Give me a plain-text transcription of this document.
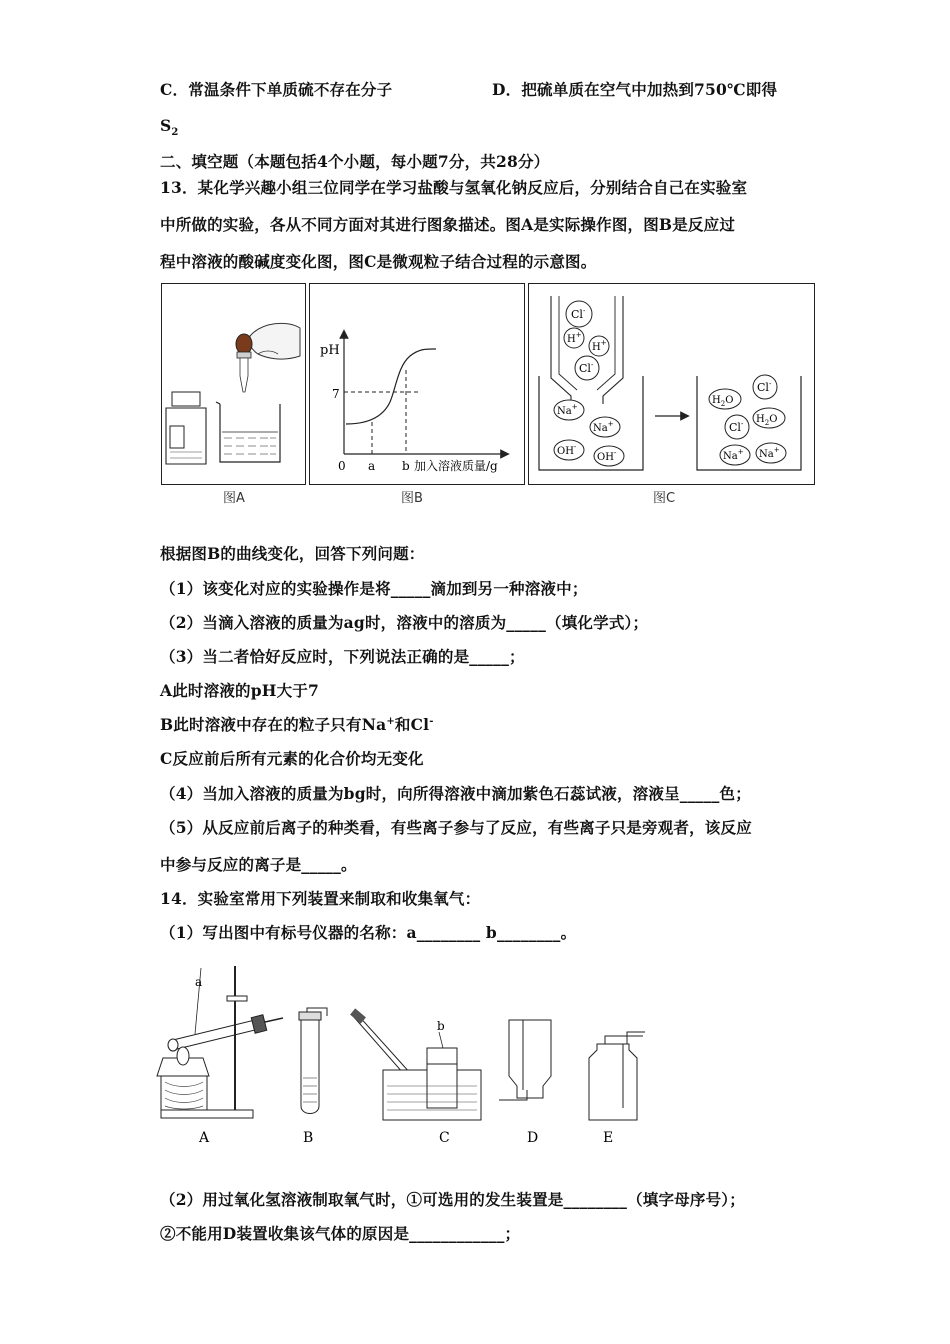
C．常温条件下单质硫不存在分子	D．把硫单质在空气中加热到750℃即得
$S_2$
二、填空题（本题包括4个小题，每小题7分，共28分）
13．某化学兴趣小组三位同学在学习盐酸与氢氧化钠反应后，分别结合自己在实验室
中所做的实验，各从不同方面对其进行图象描述。图A是实际操作图，图B是反应过
程中溶液的酸碱度变化图，图C是微观粒子结合过程的示意图。
图A
pH
7
0 a b 加入溶液质量/g
图B
Cl-
H+
H+
Cl-
Na+
Na+
OH-
OH-
$H_2O$
Cl-
$H_2O$
Cl-
Na+ Na+
图C
根据图B的曲线变化，回答下列问题：
（1）该变化对应的实验操作是将_____滴加到另一种溶液中；
（2）当滴入溶液的质量为ag时，溶液中的溶质为_____（填化学式）；
（3）当二者恰好反应时，下列说法正确的是_____；
A此时溶液的pH大于7
B此时溶液中存在的粒子只有Na+和Cl-
C反应前后所有元素的化合价均无变化
（4）当加入溶液的质量为bg时，向所得溶液中滴加紫色石蕊试液，溶液呈_____色；
（5）从反应前后离子的种类看，有些离子参与了反应，有些离子只是旁观者，该反应
中参与反应的离子是_____。
14．实验室常用下列装置来制取和收集氧气：
（1）写出图中有标号仪器的名称：a________ b________。
a
A	B
b
C	D	E
（2）用过氧化氢溶液制取氧气时，①可选用的发生装置是________（填字母序号）；
②不能用D装置收集该气体的原因是____________；
